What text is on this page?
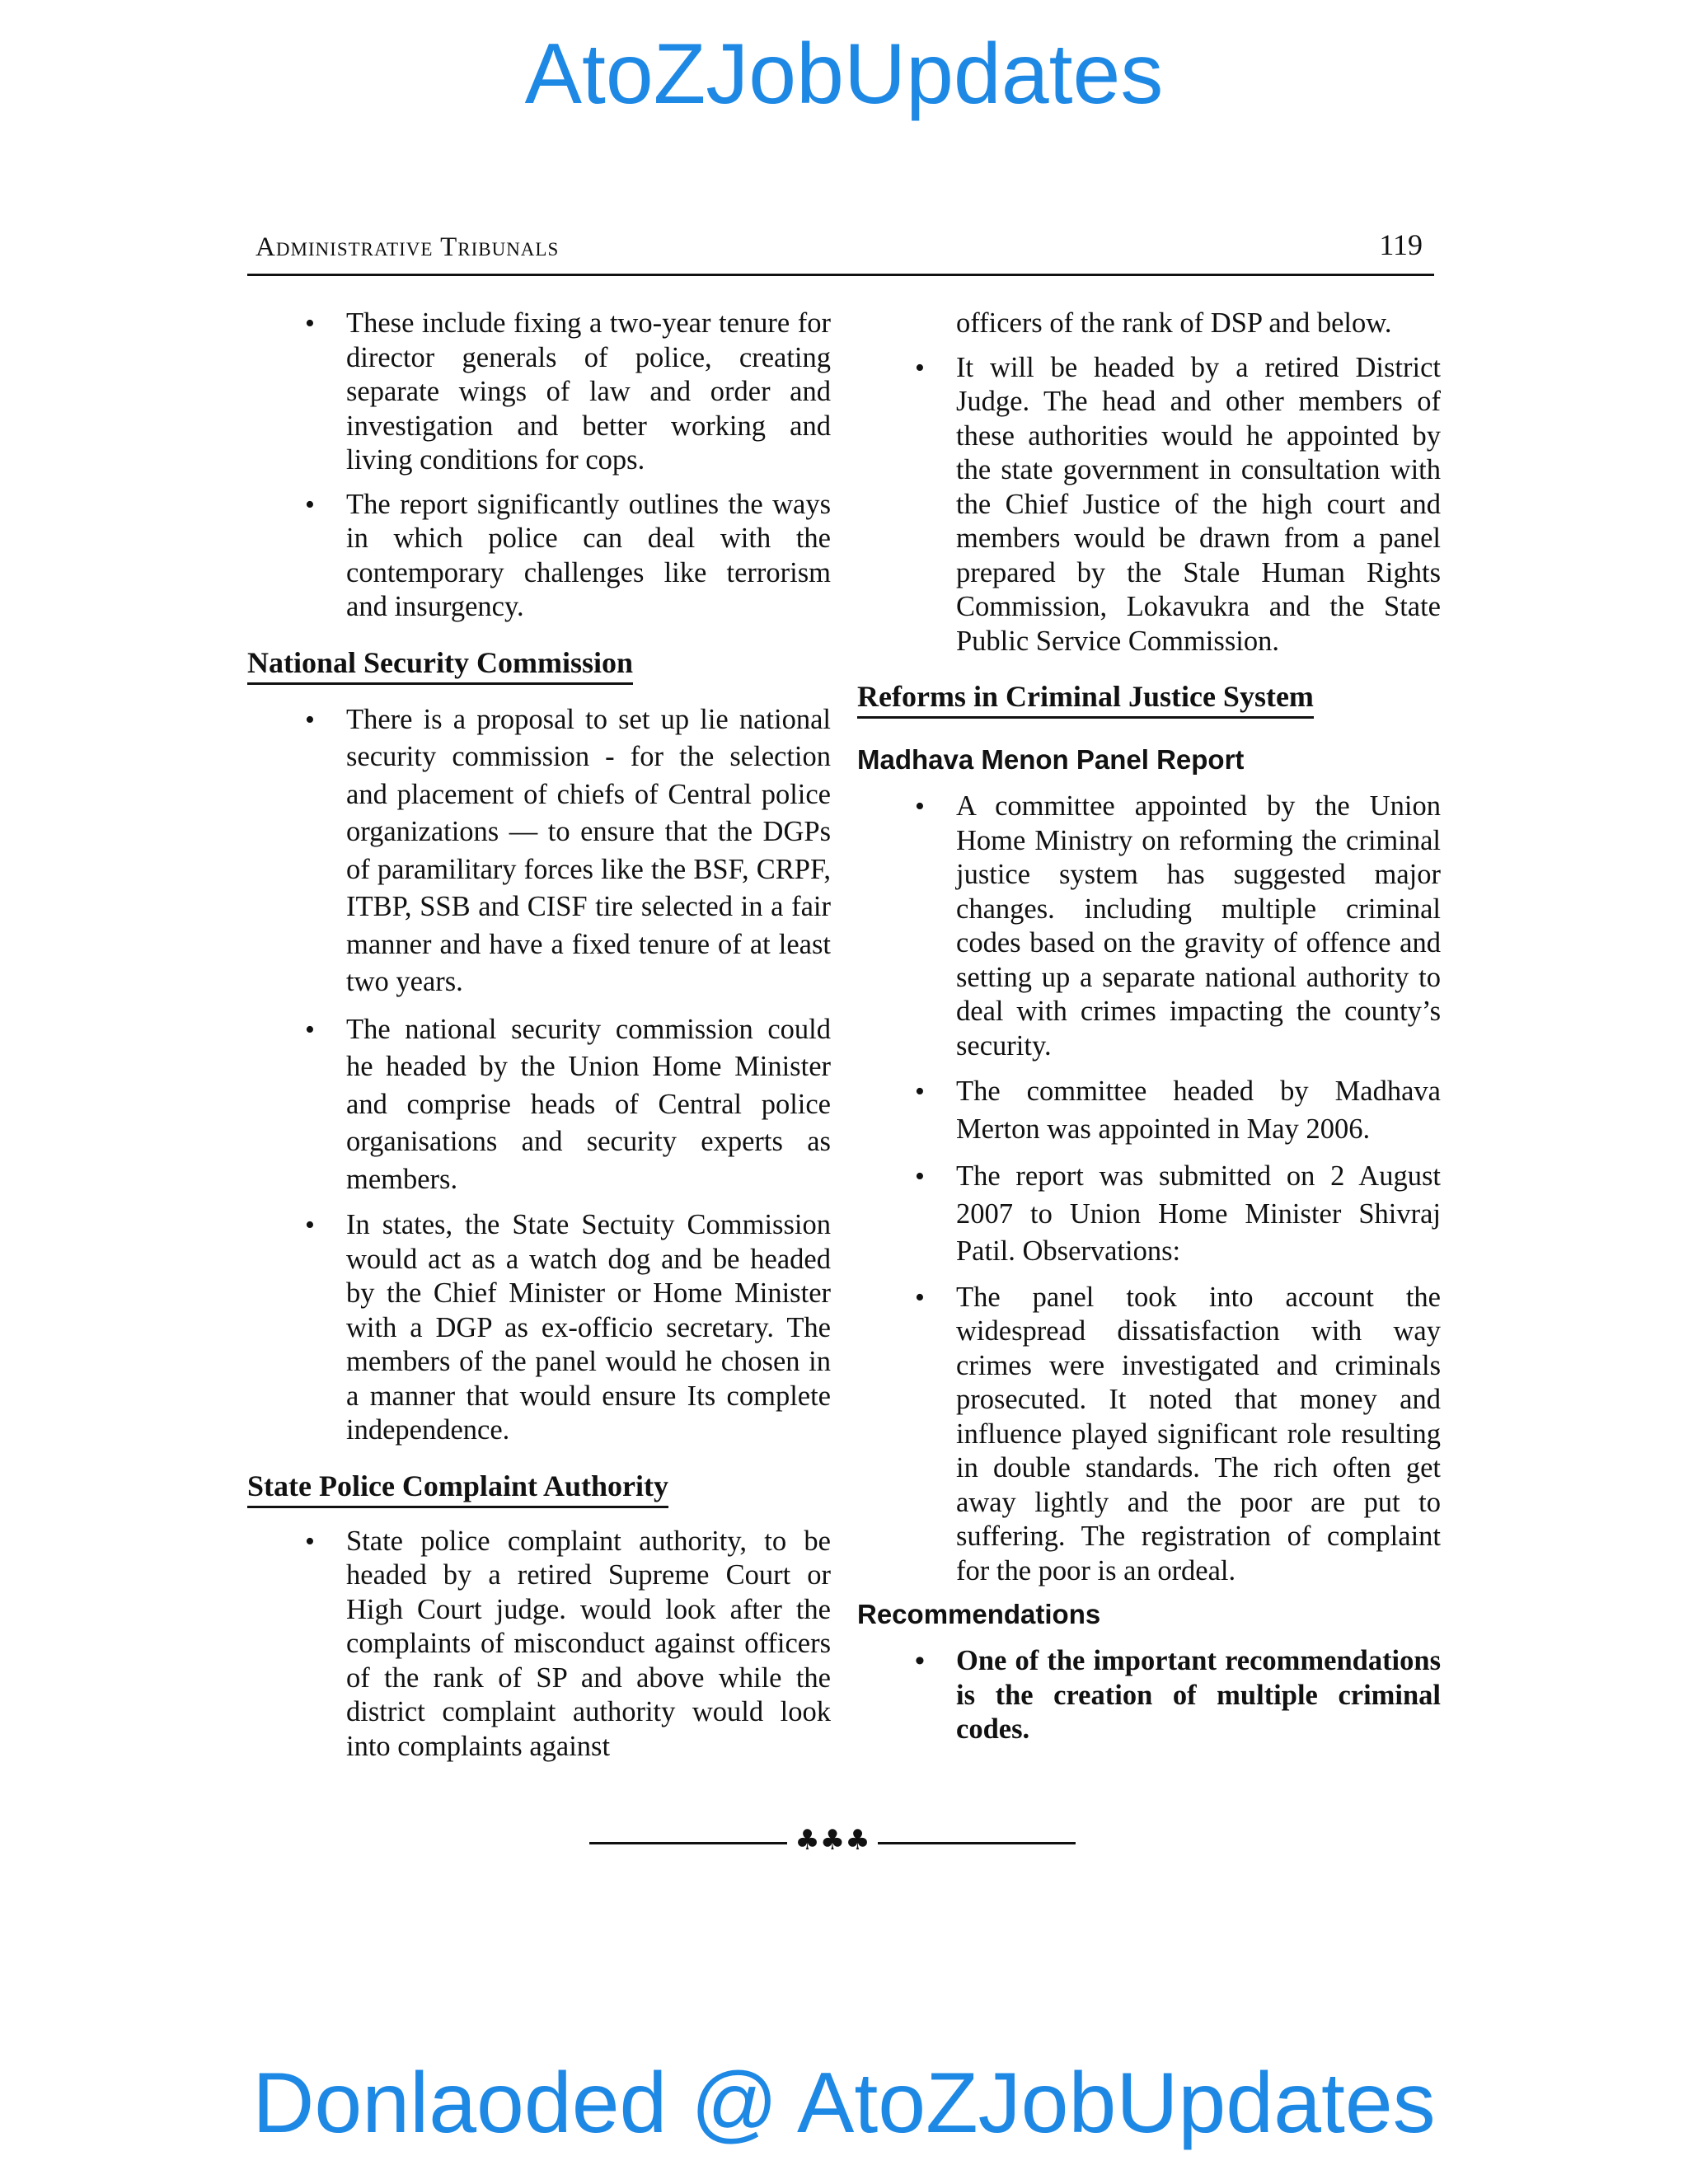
AtoZJobUpdates
Administrative Tribunals	119
• These include fixing a two-year tenure for director generals of police, creating separate wings of law and order and investigation and better working and living conditions for cops.
• The report significantly outlines the ways in which police can deal with the contemporary challenges like terrorism and insurgency.
National Security Commission
• There is a proposal to set up lie national security commission - for the selection and placement of chiefs of Central police organizations — to ensure that the DGPs of paramilitary forces like the BSF, CRPF, ITBP, SSB and CISF tire selected in a fair manner and have a fixed tenure of at least two years.
• The national security commission could he headed by the Union Home Minister and comprise heads of Central police organisations and security experts as members.
• In states, the State Sectuity Commission would act as a watch dog and be headed by the Chief Minister or Home Minister with a DGP as ex-officio secretary. The members of the panel would he chosen in a manner that would ensure Its complete independence.
State Police Complaint Authority
• State police complaint authority, to be headed by a retired Supreme Court or High Court judge. would look after the complaints of misconduct against officers of the rank of SP and above while the district complaint authority would look into complaints against
officers of the rank of DSP and below.
• It will be headed by a retired District Judge. The head and other members of these authorities would he appointed by the state government in consultation with the Chief Justice of the high court and members would be drawn from a panel prepared by the Stale Human Rights Commission, Lokavukra and the State Public Service Commission.
Reforms in Criminal Justice System
Madhava Menon Panel Report
• A committee appointed by the Union Home Ministry on reforming the criminal justice system has suggested major changes. including multiple criminal codes based on the gravity of offence and setting up a separate national authority to deal with crimes impacting the county’s security.
• The committee headed by Madhava Merton was appointed in May 2006.
• The report was submitted on 2 August 2007 to Union Home Minister Shivraj Patil. Observations:
• The panel took into account the widespread dissatisfaction with way crimes were investigated and criminals prosecuted. It noted that money and influence played significant role resulting in double standards. The rich often get away lightly and the poor are put to suffering. The registration of complaint for the poor is an ordeal.
Recommendations
• One of the important recommendations is the creation of multiple criminal codes.
♣♣♣
Donlaoded @ AtoZJobUpdates
